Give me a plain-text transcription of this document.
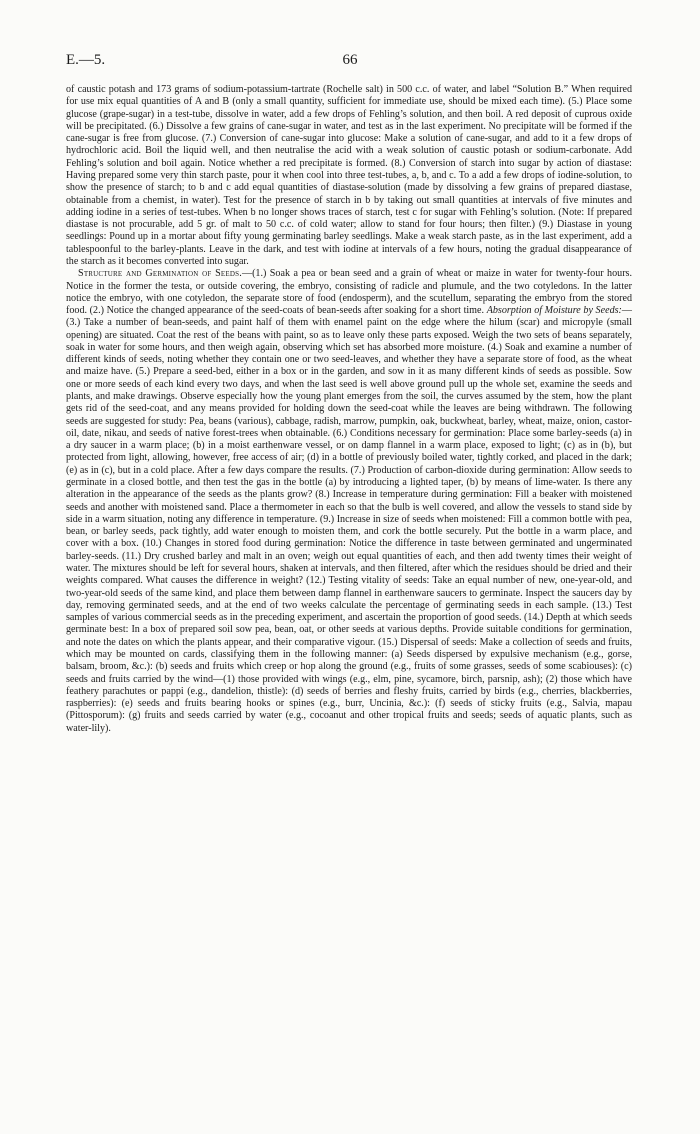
E.—5.	66

of caustic potash and 173 grams of sodium-potassium-tartrate (Rochelle salt) in 500 c.c. of water, and label “Solution B.” When required for use mix equal quantities of A and B (only a small quantity, sufficient for immediate use, should be mixed each time). (5.) Place some glucose (grape-sugar) in a test-tube, dissolve in water, add a few drops of Fehling’s solution, and then boil. A red deposit of cuprous oxide will be precipitated. (6.) Dissolve a few grains of cane-sugar in water, and test as in the last experiment. No precipitate will be formed if the cane-sugar is free from glucose. (7.) Conversion of cane-sugar into glucose: Make a solution of cane-sugar, and add to it a few drops of hydrochloric acid. Boil the liquid well, and then neutralise the acid with a weak solution of caustic potash or sodium-carbonate. Add Fehling’s solution and boil again. Notice whether a red precipitate is formed. (8.) Conversion of starch into sugar by action of diastase: Having prepared some very thin starch paste, pour it when cool into three test-tubes, a, b, and c. To a add a few drops of iodine-solution, to show the presence of starch; to b and c add equal quantities of diastase-solution (made by dissolving a few grains of prepared diastase, obtainable from a chemist, in water). Test for the presence of starch in b by taking out small quantities at intervals of five minutes and adding iodine in a series of test-tubes. When b no longer shows traces of starch, test c for sugar with Fehling’s solution. (Note: If prepared diastase is not procurable, add 5 gr. of malt to 50 c.c. of cold water; allow to stand for four hours; then filter.) (9.) Diastase in young seedlings: Pound up in a mortar about fifty young germinating barley seedlings. Make a weak starch paste, as in the last experiment, add a tablespoonful to the barley-plants. Leave in the dark, and test with iodine at intervals of a few hours, noting the gradual disappearance of the starch as it becomes converted into sugar.

Structure and Germination of Seeds.—(1.) Soak a pea or bean seed and a grain of wheat or maize in water for twenty-four hours. Notice in the former the testa, or outside covering, the embryo, consisting of radicle and plumule, and the two cotyledons. In the latter notice the embryo, with one cotyledon, the separate store of food (endosperm), and the scutellum, separating the embryo from the stored food. (2.) Notice the changed appearance of the seed-coats of bean-seeds after soaking for a short time. Absorption of Moisture by Seeds:—(3.) Take a number of bean-seeds, and paint half of them with enamel paint on the edge where the hilum (scar) and micropyle (small opening) are situated. Coat the rest of the beans with paint, so as to leave only these parts exposed. Weigh the two sets of beans separately, soak in water for some hours, and then weigh again, observing which set has absorbed more moisture. (4.) Soak and examine a number of different kinds of seeds, noting whether they contain one or two seed-leaves, and whether they have a separate store of food, as the wheat and maize have. (5.) Prepare a seed-bed, either in a box or in the garden, and sow in it as many different kinds of seeds as possible. Sow one or more seeds of each kind every two days, and when the last seed is well above ground pull up the whole set, examine the seeds and plants, and make drawings. Observe especially how the young plant emerges from the soil, the curves assumed by the stem, how the plant gets rid of the seed-coat, and any means provided for holding down the seed-coat while the leaves are being withdrawn. The following seeds are suggested for study: Pea, beans (various), cabbage, radish, marrow, pumpkin, oak, buckwheat, barley, wheat, maize, onion, castor-oil, date, nikau, and seeds of native forest-trees when obtainable. (6.) Conditions necessary for germination: Place some barley-seeds (a) in a dry saucer in a warm place; (b) in a moist earthenware vessel, or on damp flannel in a warm place, exposed to light; (c) as in (b), but protected from light, allowing, however, free access of air; (d) in a bottle of previously boiled water, tightly corked, and placed in the dark; (e) as in (c), but in a cold place. After a few days compare the results. (7.) Production of carbon-dioxide during germination: Allow seeds to germinate in a closed bottle, and then test the gas in the bottle (a) by introducing a lighted taper, (b) by means of lime-water. Is there any alteration in the appearance of the seeds as the plants grow? (8.) Increase in temperature during germination: Fill a beaker with moistened seeds and another with moistened sand. Place a thermometer in each so that the bulb is well covered, and allow the vessels to stand side by side in a warm situation, noting any difference in temperature. (9.) Increase in size of seeds when moistened: Fill a common bottle with pea, bean, or barley seeds, pack tightly, add water enough to moisten them, and cork the bottle securely. Put the bottle in a warm place, and cover with a box. (10.) Changes in stored food during germination: Notice the difference in taste between germinated and ungerminated barley-seeds. (11.) Dry crushed barley and malt in an oven; weigh out equal quantities of each, and then add twenty times their weight of water. The mixtures should be left for several hours, shaken at intervals, and then filtered, after which the residues should be dried and their weights compared. What causes the difference in weight? (12.) Testing vitality of seeds: Take an equal number of new, one-year-old, and two-year-old seeds of the same kind, and place them between damp flannel in earthenware saucers to germinate. Inspect the saucers day by day, removing germinated seeds, and at the end of two weeks calculate the percentage of germinating seeds in each sample. (13.) Test samples of various commercial seeds as in the preceding experiment, and ascertain the proportion of good seeds. (14.) Depth at which seeds germinate best: In a box of prepared soil sow pea, bean, oat, or other seeds at various depths. Provide suitable conditions for germination, and note the dates on which the plants appear, and their comparative vigour. (15.) Dispersal of seeds: Make a collection of seeds and fruits, which may be mounted on cards, classifying them in the following manner: (a) Seeds dispersed by expulsive mechanism (e.g., gorse, balsam, broom, &c.): (b) seeds and fruits which creep or hop along the ground (e.g., fruits of some grasses, seeds of some scabiouses): (c) seeds and fruits carried by the wind—(1) those provided with wings (e.g., elm, pine, sycamore, birch, parsnip, ash); (2) those which have feathery parachutes or pappi (e.g., dandelion, thistle): (d) seeds of berries and fleshy fruits, carried by birds (e.g., cherries, blackberries, raspberries): (e) seeds and fruits bearing hooks or spines (e.g., burr, Uncinia, &c.): (f) seeds of sticky fruits (e.g., Salvia, mapau (Pittosporum): (g) fruits and seeds carried by water (e.g., cocoanut and other tropical fruits and seeds; seeds of aquatic plants, such as water-lily).
